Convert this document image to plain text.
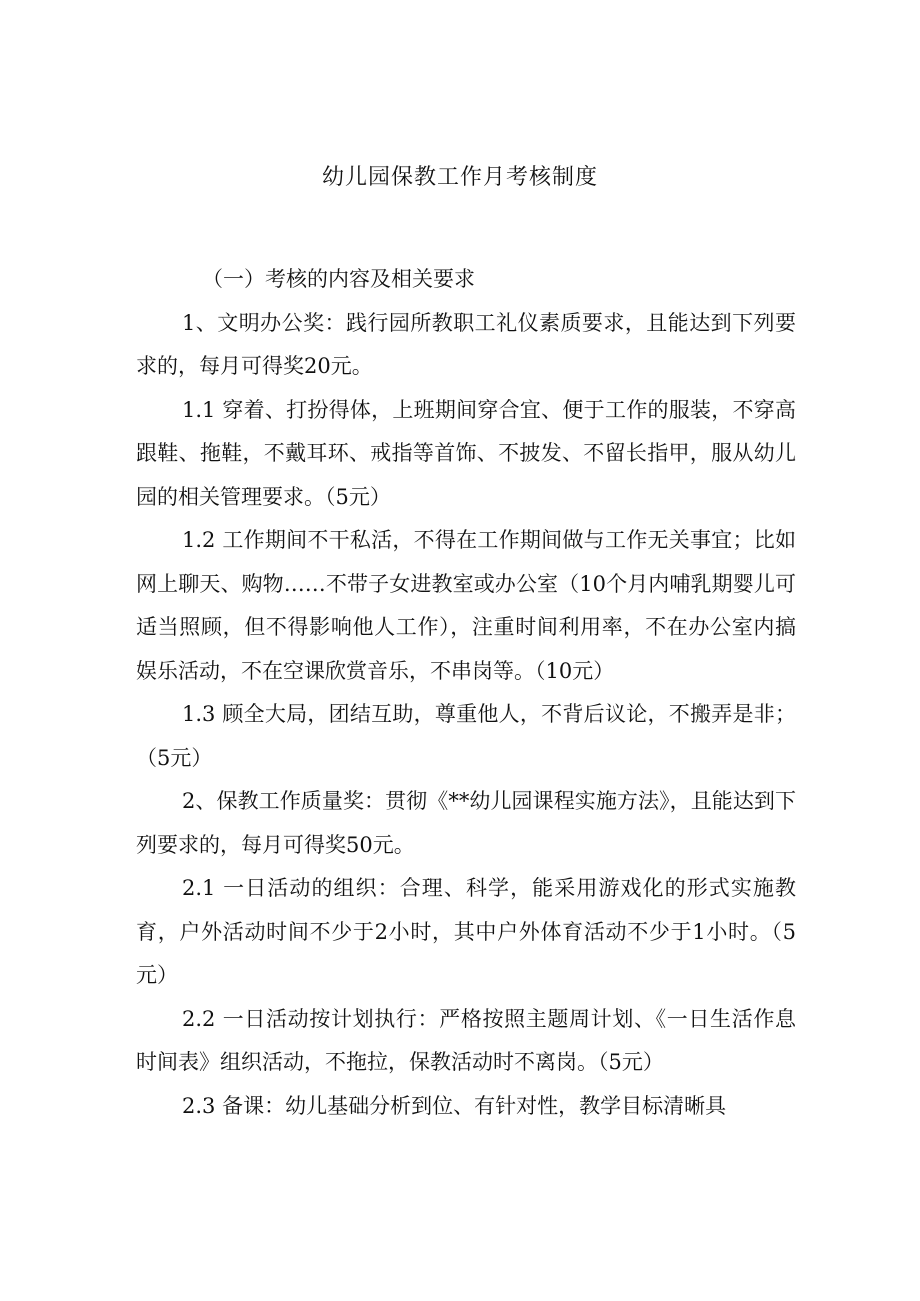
幼儿园保教工作月考核制度

（一）考核的内容及相关要求

1、文明办公奖：践行园所教职工礼仪素质要求，且能达到下列要求的，每月可得奖20元。

1.1 穿着、打扮得体，上班期间穿合宜、便于工作的服装，不穿高跟鞋、拖鞋，不戴耳环、戒指等首饰、不披发、不留长指甲，服从幼儿园的相关管理要求。（5元）

1.2 工作期间不干私活，不得在工作期间做与工作无关事宜；比如网上聊天、购物……不带子女进教室或办公室（10个月内哺乳期婴儿可适当照顾，但不得影响他人工作），注重时间利用率，不在办公室内搞娱乐活动，不在空课欣赏音乐，不串岗等。（10元）

1.3 顾全大局，团结互助，尊重他人，不背后议论，不搬弄是非；（5元）

2、保教工作质量奖：贯彻《**幼儿园课程实施方法》，且能达到下列要求的，每月可得奖50元。

2.1 一日活动的组织：合理、科学，能采用游戏化的形式实施教育，户外活动时间不少于2小时，其中户外体育活动不少于1小时。（5元）

2.2 一日活动按计划执行：严格按照主题周计划、《一日生活作息时间表》组织活动，不拖拉，保教活动时不离岗。（5元）

2.3 备课：幼儿基础分析到位、有针对性，教学目标清晰具
